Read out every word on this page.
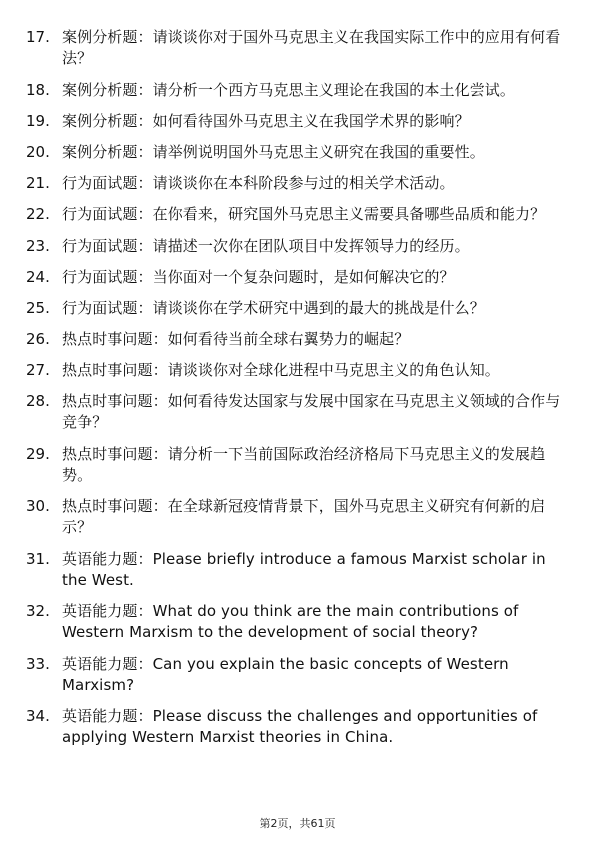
17. 案例分析题：请谈谈你对于国外马克思主义在我国实际工作中的应用有何看法？
18. 案例分析题：请分析一个西方马克思主义理论在我国的本土化尝试。
19. 案例分析题：如何看待国外马克思主义在我国学术界的影响？
20. 案例分析题：请举例说明国外马克思主义研究在我国的重要性。
21. 行为面试题：请谈谈你在本科阶段参与过的相关学术活动。
22. 行为面试题：在你看来，研究国外马克思主义需要具备哪些品质和能力？
23. 行为面试题：请描述一次你在团队项目中发挥领导力的经历。
24. 行为面试题：当你面对一个复杂问题时，是如何解决它的？
25. 行为面试题：请谈谈你在学术研究中遇到的最大的挑战是什么？
26. 热点时事问题：如何看待当前全球右翼势力的崛起？
27. 热点时事问题：请谈谈你对全球化进程中马克思主义的角色认知。
28. 热点时事问题：如何看待发达国家与发展中国家在马克思主义领域的合作与竞争？
29. 热点时事问题：请分析一下当前国际政治经济格局下马克思主义的发展趋势。
30. 热点时事问题：在全球新冠疫情背景下，国外马克思主义研究有何新的启示？
31. 英语能力题：Please briefly introduce a famous Marxist scholar in the West.
32. 英语能力题：What do you think are the main contributions of Western Marxism to the development of social theory?
33. 英语能力题：Can you explain the basic concepts of Western Marxism?
34. 英语能力题：Please discuss the challenges and opportunities of applying Western Marxist theories in China.
第2页，共61页
